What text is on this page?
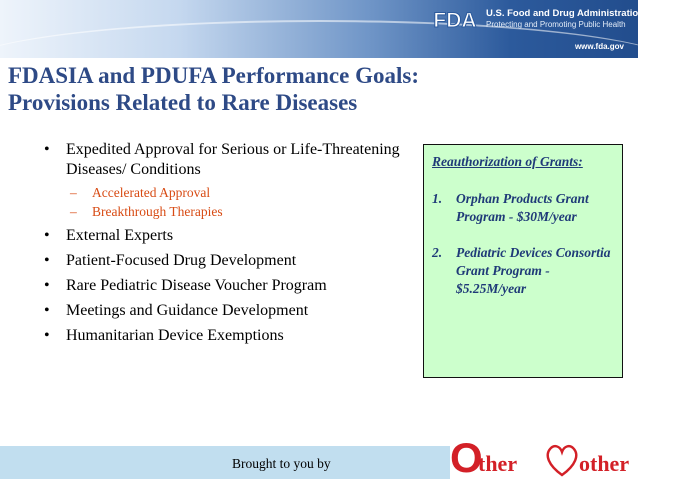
FDA U.S. Food and Drug Administration
Protecting and Promoting Public Health
www.fda.gov
FDASIA and PDUFA Performance Goals:
Provisions Related to Rare Diseases
• Expedited Approval for Serious or Life-Threatening Diseases/ Conditions
– Accelerated Approval
– Breakthrough Therapies
• External Experts
• Patient-Focused Drug Development
• Rare Pediatric Disease Voucher Program
• Meetings and Guidance Development
• Humanitarian Device Exemptions
Reauthorization of Grants:
1. Orphan Products Grant Program - $30M/year
2. Pediatric Devices Consortia Grant Program - $5.25M/year
Brought to you by	O
ther
M
other
